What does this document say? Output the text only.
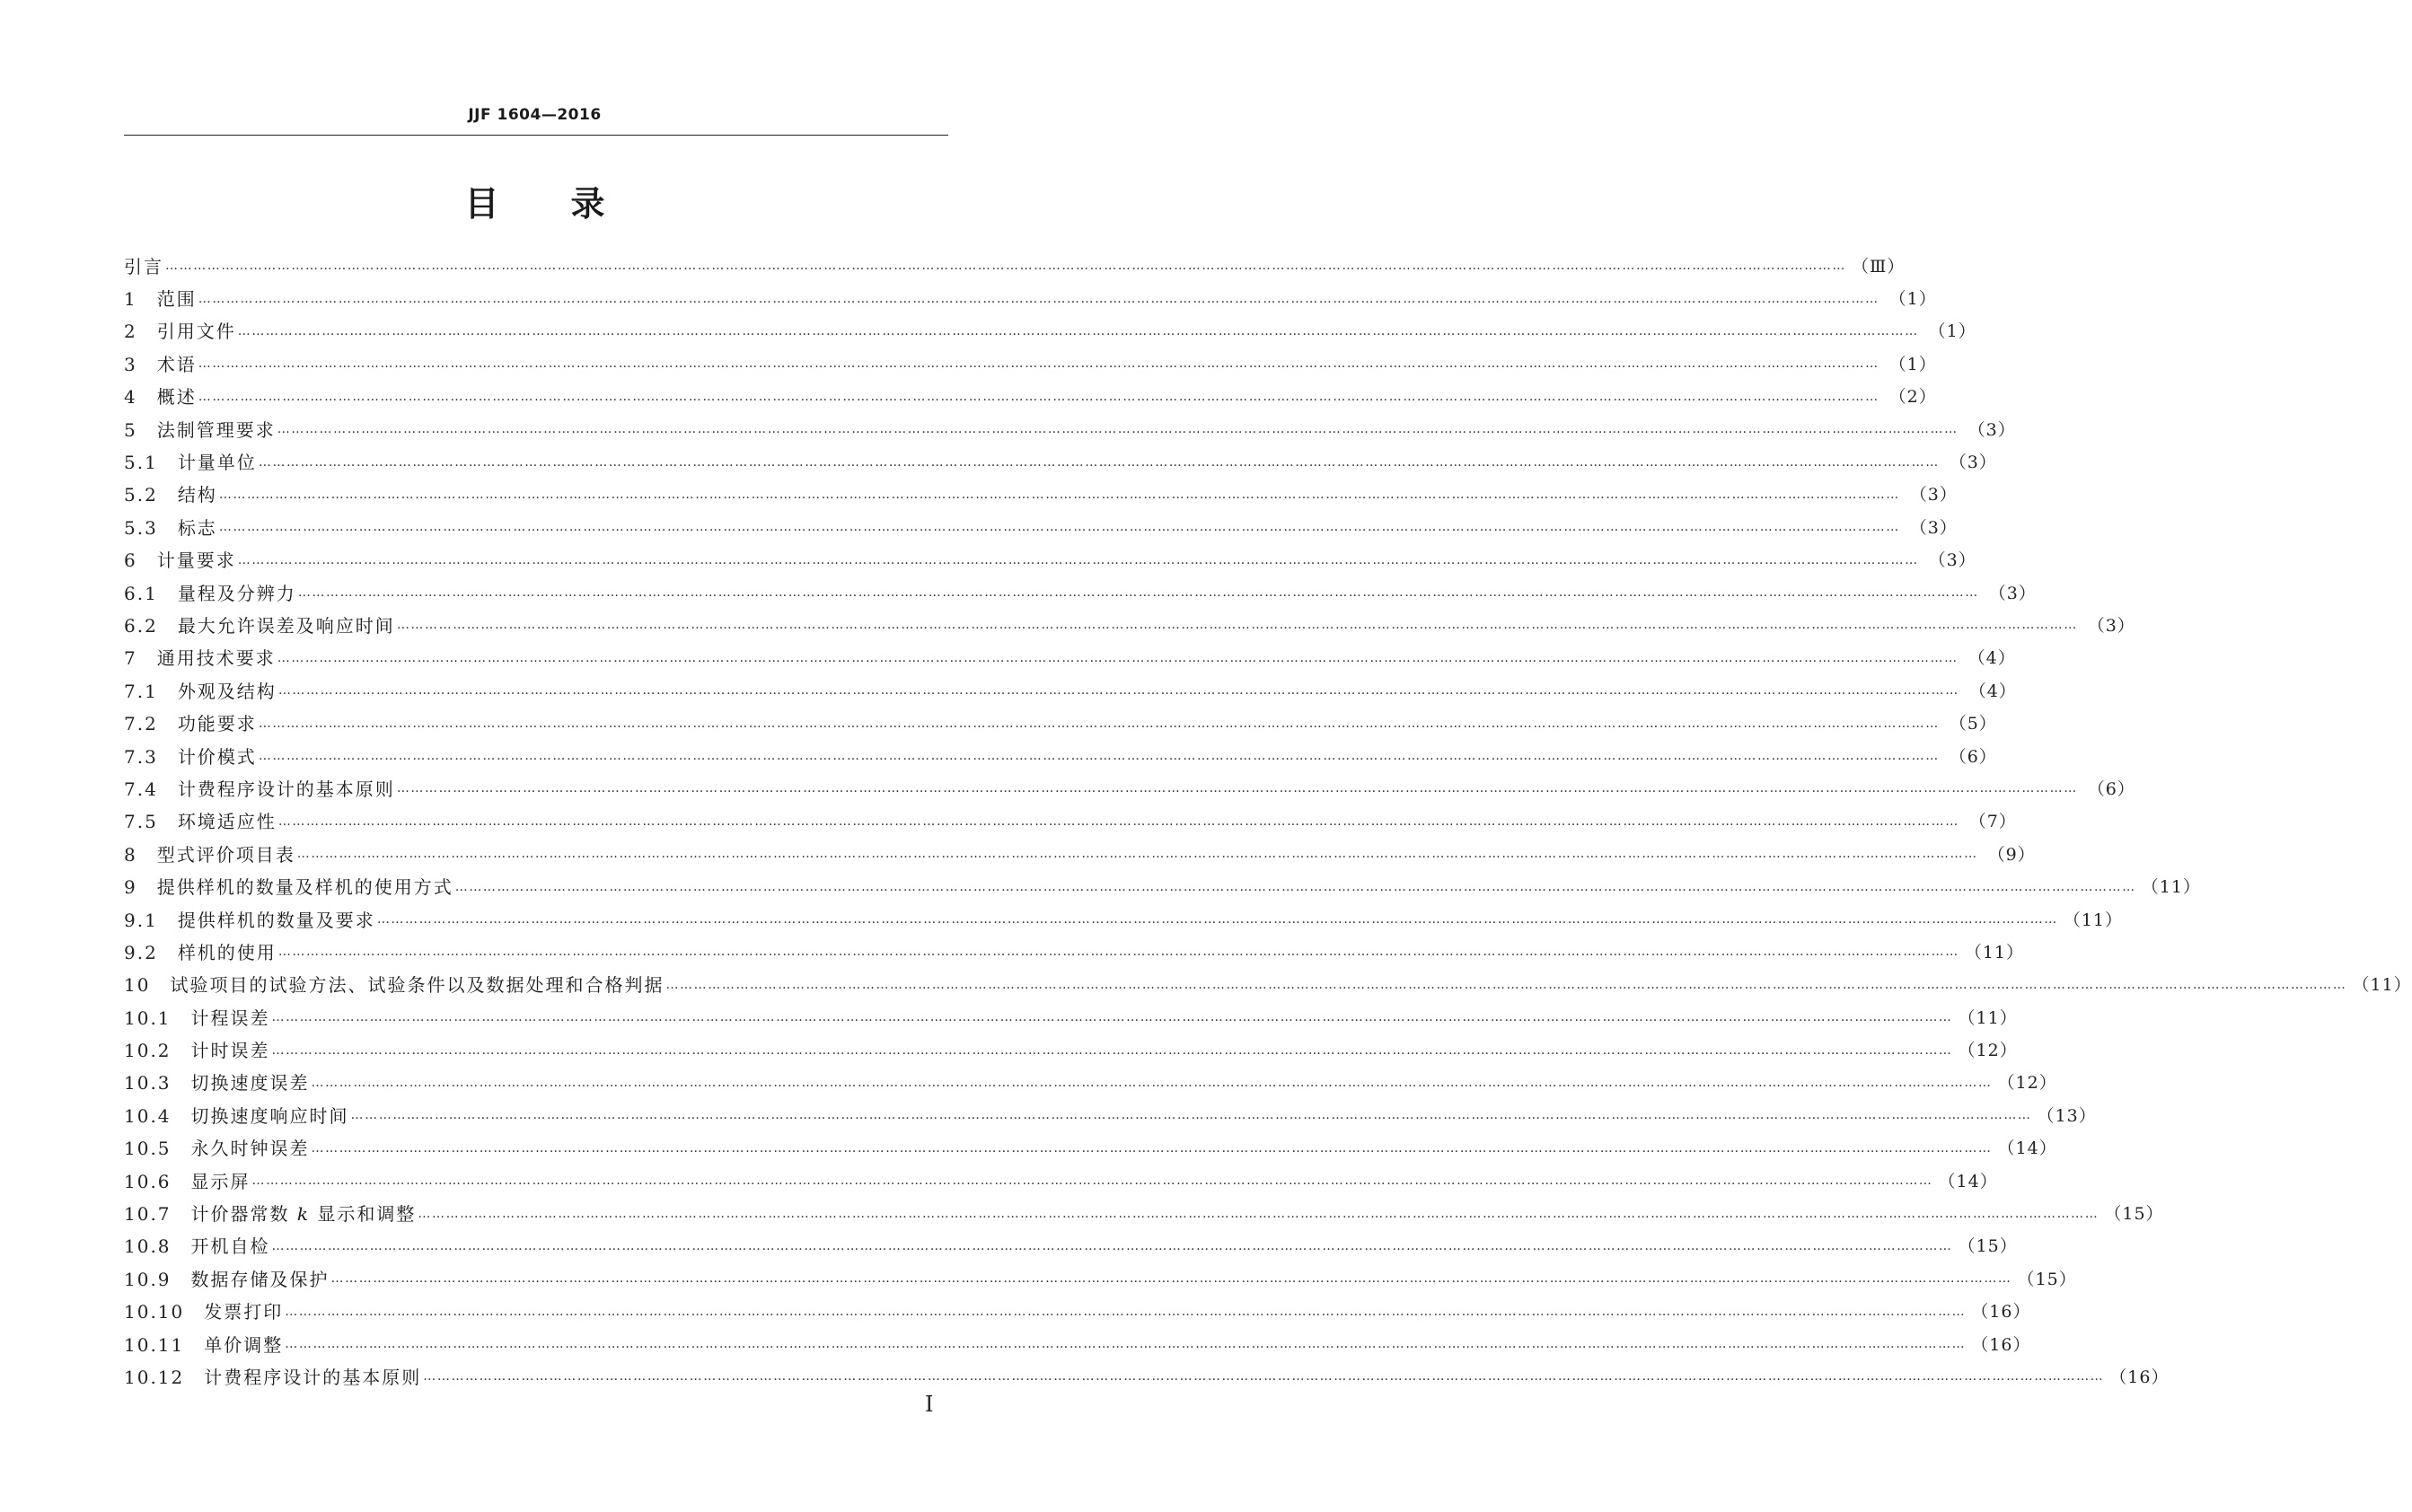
JJF 1604—2016
目录
引言 ……………………………………………………………………………………………………………………………………………………………………………………………………………………………………………………………………………………………………………………………… （Ⅲ）
1　 范围 ……………………………………………………………………………………………………………………………………………………………………………………………………………………………………………………………………………………………………………………………… （1）
2　 引用文件 ……………………………………………………………………………………………………………………………………………………………………………………………………………………………………………………………………………………………………………………………… （1）
3　 术语 ……………………………………………………………………………………………………………………………………………………………………………………………………………………………………………………………………………………………………………………………… （1）
4　 概述 ……………………………………………………………………………………………………………………………………………………………………………………………………………………………………………………………………………………………………………………………… （2）
5　 法制管理要求 ……………………………………………………………………………………………………………………………………………………………………………………………………………………………………………………………………………………………………………………………… （3）
5.1　 计量单位 ……………………………………………………………………………………………………………………………………………………………………………………………………………………………………………………………………………………………………………………………… （3）
5.2　 结构 ……………………………………………………………………………………………………………………………………………………………………………………………………………………………………………………………………………………………………………………………… （3）
5.3　 标志 ……………………………………………………………………………………………………………………………………………………………………………………………………………………………………………………………………………………………………………………………… （3）
6　 计量要求 ……………………………………………………………………………………………………………………………………………………………………………………………………………………………………………………………………………………………………………………………… （3）
6.1　 量程及分辨力 ……………………………………………………………………………………………………………………………………………………………………………………………………………………………………………………………………………………………………………………………… （3）
6.2　 最大允许误差及响应时间 ……………………………………………………………………………………………………………………………………………………………………………………………………………………………………………………………………………………………………………………………… （3）
7　 通用技术要求 ……………………………………………………………………………………………………………………………………………………………………………………………………………………………………………………………………………………………………………………………… （4）
7.1　 外观及结构 ……………………………………………………………………………………………………………………………………………………………………………………………………………………………………………………………………………………………………………………………… （4）
7.2　 功能要求 ……………………………………………………………………………………………………………………………………………………………………………………………………………………………………………………………………………………………………………………………… （5）
7.3　 计价模式 ……………………………………………………………………………………………………………………………………………………………………………………………………………………………………………………………………………………………………………………………… （6）
7.4　 计费程序设计的基本原则 ……………………………………………………………………………………………………………………………………………………………………………………………………………………………………………………………………………………………………………………………… （6）
7.5　 环境适应性 ……………………………………………………………………………………………………………………………………………………………………………………………………………………………………………………………………………………………………………………………… （7）
8　 型式评价项目表 ……………………………………………………………………………………………………………………………………………………………………………………………………………………………………………………………………………………………………………………………… （9）
9　 提供样机的数量及样机的使用方式 ……………………………………………………………………………………………………………………………………………………………………………………………………………………………………………………………………………………………………………………………… （11）
9.1　 提供样机的数量及要求 ……………………………………………………………………………………………………………………………………………………………………………………………………………………………………………………………………………………………………………………………… （11）
9.2　 样机的使用 ……………………………………………………………………………………………………………………………………………………………………………………………………………………………………………………………………………………………………………………………… （11）
10　 试验项目的试验方法、试验条件以及数据处理和合格判据 ……………………………………………………………………………………………………………………………………………………………………………………………………………………………………………………………………………………………………………………………… （11）
10.1　 计程误差 ……………………………………………………………………………………………………………………………………………………………………………………………………………………………………………………………………………………………………………………………… （11）
10.2　 计时误差 ……………………………………………………………………………………………………………………………………………………………………………………………………………………………………………………………………………………………………………………………… （12）
10.3　 切换速度误差 ……………………………………………………………………………………………………………………………………………………………………………………………………………………………………………………………………………………………………………………………… （12）
10.4　 切换速度响应时间 ……………………………………………………………………………………………………………………………………………………………………………………………………………………………………………………………………………………………………………………………… （13）
10.5　 永久时钟误差 ……………………………………………………………………………………………………………………………………………………………………………………………………………………………………………………………………………………………………………………………… （14）
10.6　 显示屏 ……………………………………………………………………………………………………………………………………………………………………………………………………………………………………………………………………………………………………………………………… （14）
10.7　 计价器常数 k 显示和调整 ……………………………………………………………………………………………………………………………………………………………………………………………………………………………………………………………………………………………………………………………… （15）
10.8　 开机自检 ……………………………………………………………………………………………………………………………………………………………………………………………………………………………………………………………………………………………………………………………… （15）
10.9　 数据存储及保护 ……………………………………………………………………………………………………………………………………………………………………………………………………………………………………………………………………………………………………………………………… （15）
10.10　 发票打印 ……………………………………………………………………………………………………………………………………………………………………………………………………………………………………………………………………………………………………………………………… （16）
10.11　 单价调整 ……………………………………………………………………………………………………………………………………………………………………………………………………………………………………………………………………………………………………………………………… （16）
10.12　 计费程序设计的基本原则 ……………………………………………………………………………………………………………………………………………………………………………………………………………………………………………………………………………………………………………………………… （16）
I
